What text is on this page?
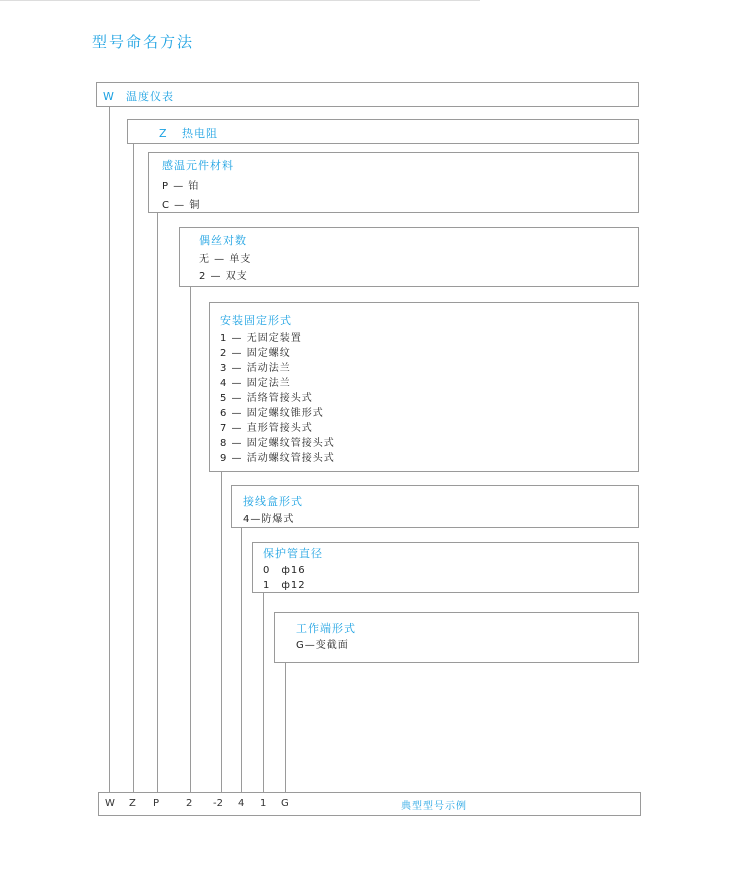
型号命名方法
W 温度仪表
Z 热电阻
感温元件材料
P — 铂
C — 铜
偶丝对数
无 — 单支
2 — 双支
安装固定形式
1 — 无固定装置
2 — 固定螺纹
3 — 活动法兰
4 — 固定法兰
5 — 活络管接头式
6 — 固定螺纹锥形式
7 — 直形管接头式
8 — 固定螺纹管接头式
9 — 活动螺纹管接头式
接线盒形式
4—防爆式
保护管直径
0　ф16
1　ф12
工作端形式
G—变截面
W Z P	2 -2 4 1 G	典型型号示例
